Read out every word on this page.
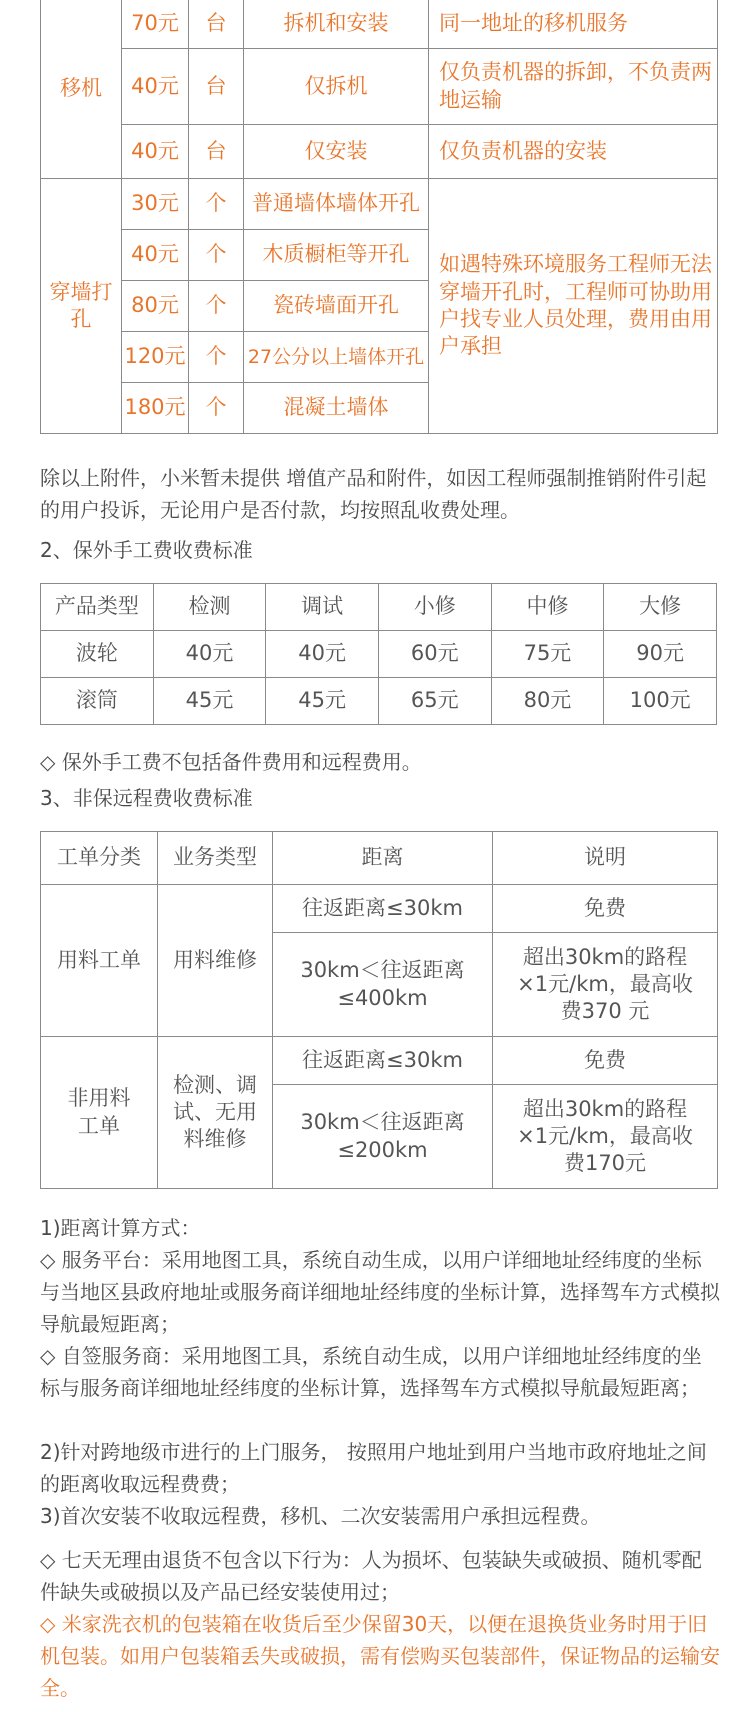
移机	70元	台	拆机和安装	同一地址的移机服务
	40元	台	仅拆机	仅负责机器的拆卸，不负责两地运输
	40元	台	仅安装	仅负责机器的安装
穿墙打孔	30元	个	普通墙体墙体开孔	如遇特殊环境服务工程师无法穿墙开孔时，工程师可协助用户找专业人员处理，费用由用户承担
	40元	个	木质橱柜等开孔	
	80元	个	瓷砖墙面开孔	
	120元	个	27公分以上墙体开孔	
	180元	个	混凝土墙体	

除以上附件，小米暂未提供 增值产品和附件，如因工程师强制推销附件引起的用户投诉，无论用户是否付款，均按照乱收费处理。

2、保外手工费收费标准

产品类型	检测	调试	小修	中修	大修
波轮	40元	40元	60元	75元	90元
滚筒	45元	45元	65元	80元	100元

◇ 保外手工费不包括备件费用和远程费用。

3、非保远程费收费标准

工单分类	业务类型	距离	说明
用料工单	用料维修	往返距离≤30km	免费
		30km＜往返距离≤400km	超出30km的路程×1元/km，最高收费370 元
非用料工单	检测、调试、无用料维修	往返距离≤30km	免费
		30km＜往返距离≤200km	超出30km的路程×1元/km，最高收费170元

1)距离计算方式：

◇ 服务平台：采用地图工具，系统自动生成，以用户详细地址经纬度的坐标与当地区县政府地址或服务商详细地址经纬度的坐标计算，选择驾车方式模拟导航最短距离；

◇ 自签服务商：采用地图工具，系统自动生成，以用户详细地址经纬度的坐标与服务商详细地址经纬度的坐标计算，选择驾车方式模拟导航最短距离；

2)针对跨地级市进行的上门服务， 按照用户地址到用户当地市政府地址之间的距离收取远程费费；

3)首次安装不收取远程费，移机、二次安装需用户承担远程费。

◇ 七天无理由退货不包含以下行为：人为损坏、包装缺失或破损、随机零配件缺失或破损以及产品已经安装使用过；

◇ 米家洗衣机的包装箱在收货后至少保留30天，以便在退换货业务时用于旧机包装。如用户包装箱丢失或破损，需有偿购买包装部件，保证物品的运输安全。
